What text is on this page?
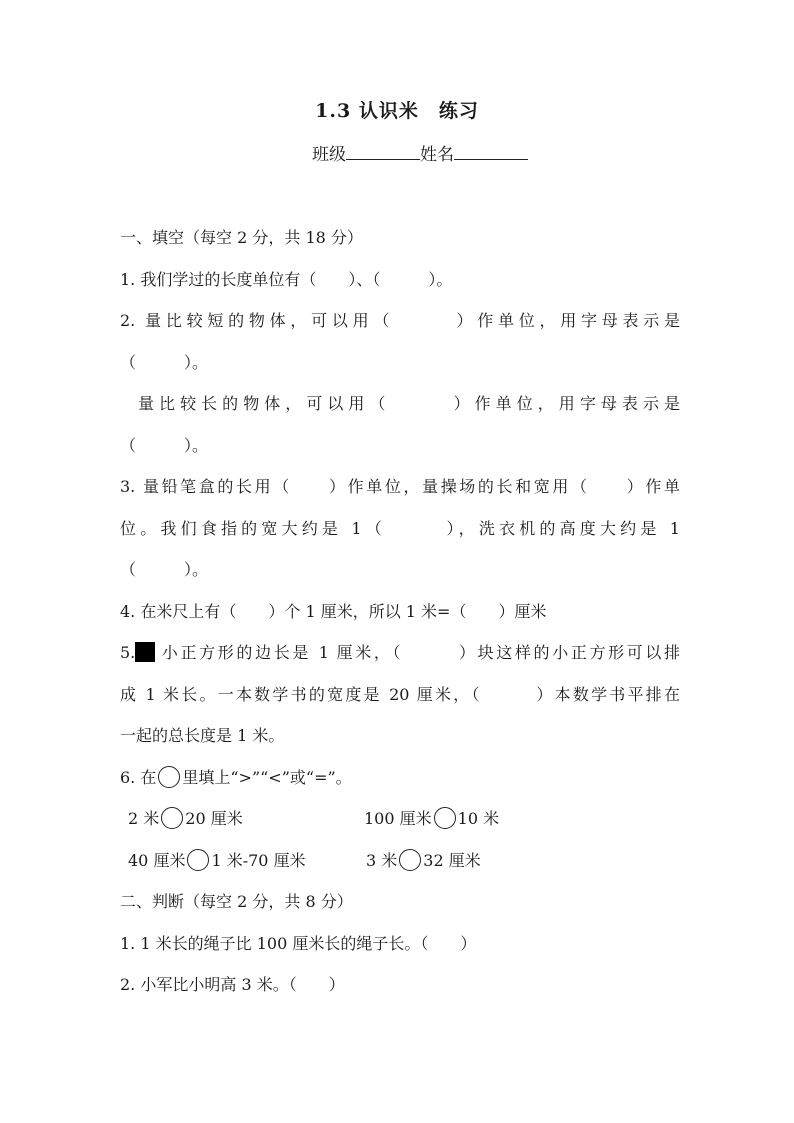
1.3 认识米　练习
班级	姓名
一、填空（每空 2 分，共 18 分）
1. 我们学过的长度单位有（　　）、（　　　）。
2. 量比较短的物体，可以用（　　　）作单位，用字母表示是
（　　　）。
量比较长的物体，可以用（　　　）作单位，用字母表示是
（　　　）。
3. 量铅笔盒的长用（　　）作单位，量操场的长和宽用（　　）作单
位。我们食指的宽大约是 1（　　　），洗衣机的高度大约是 1
（　　　）。
4. 在米尺上有（　　）个 1 厘米，所以 1 米=（　　）厘米
5. 小正方形的边长是 1 厘米，（　　　）块这样的小正方形可以排
成 1 米长。一本数学书的宽度是 20 厘米，（　　　）本数学书平排在
一起的总长度是 1 米。
6. 在 里填上“>”“<”或“=”。
2 米 20 厘米	100 厘米 10 米
40 厘米 1 米-70 厘米	3 米 32 厘米
二、判断（每空 2 分，共 8 分）
1. 1 米长的绳子比 100 厘米长的绳子长。（　　）
2. 小军比小明高 3 米。（　　）
